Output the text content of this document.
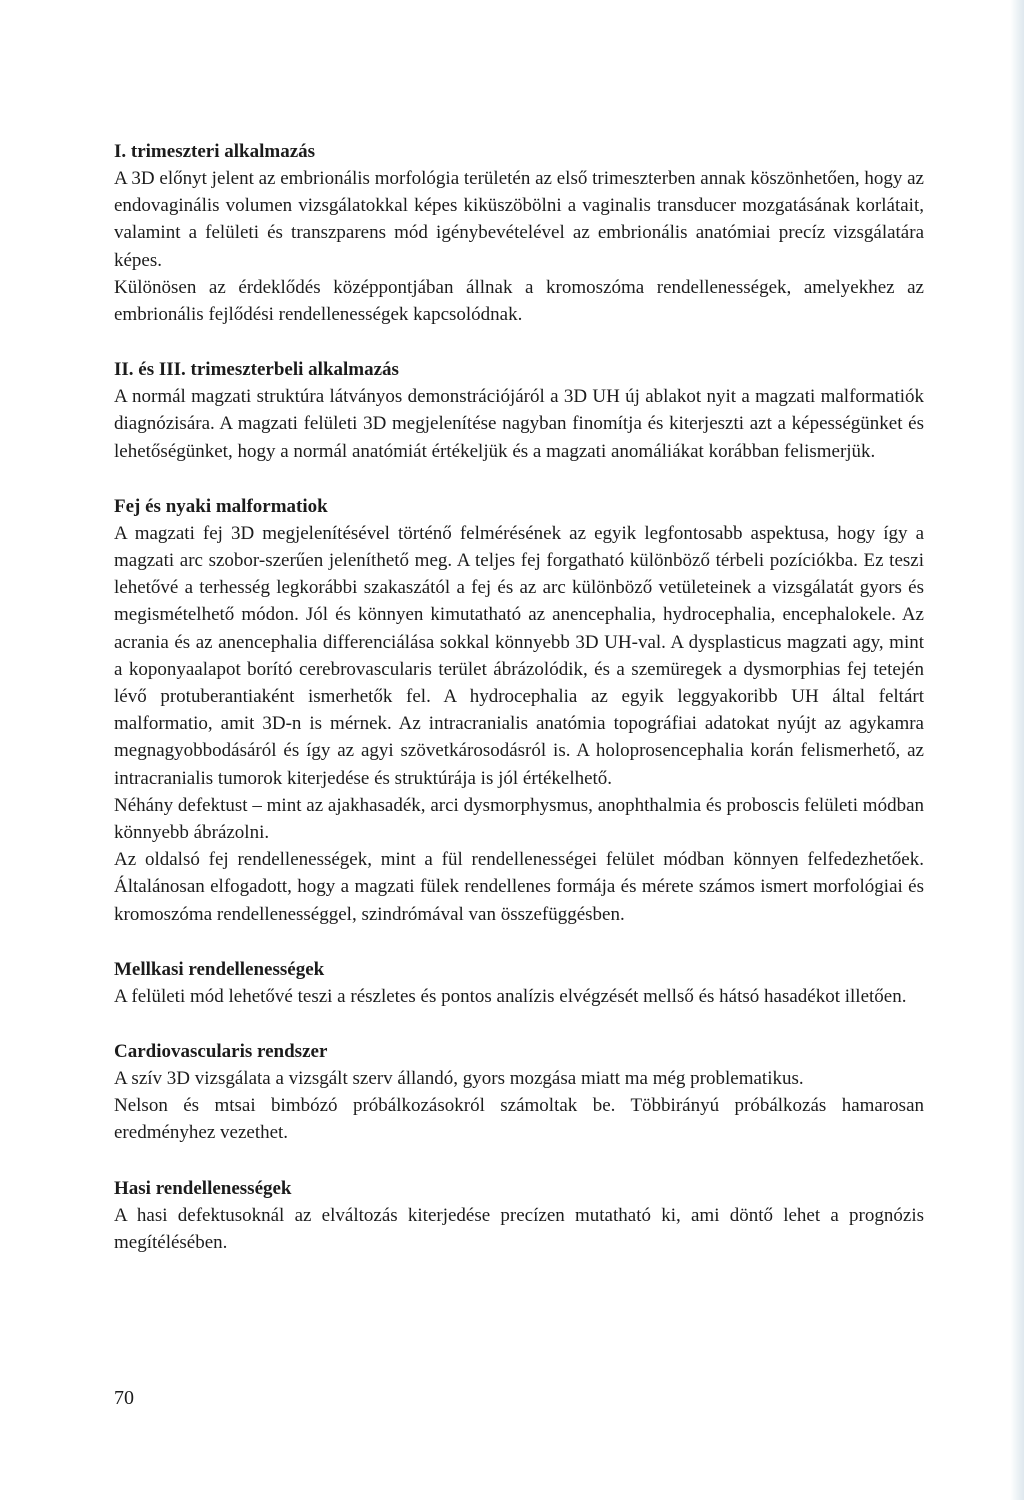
I. trimeszteri alkalmazás

A 3D előnyt jelent az embrionális morfológia területén az első trimeszterben annak köszönhetően, hogy az endovaginális volumen vizsgálatokkal képes kiküszöbölni a vaginalis transducer mozgatásának korlátait, valamint a felületi és transzparens mód igénybevételével az embrionális anatómiai precíz vizsgálatára képes.

Különösen az érdeklődés középpontjában állnak a kromoszóma rendellenességek, amelyekhez az embrionális fejlődési rendellenességek kapcsolódnak.

II. és III. trimeszterbeli alkalmazás

A normál magzati struktúra látványos demonstrációjáról a 3D UH új ablakot nyit a magzati malformatiók diagnózisára. A magzati felületi 3D megjelenítése nagyban finomítja és kiterjeszti azt a képességünket és lehetőségünket, hogy a normál anatómiát értékeljük és a magzati anomáliákat korábban felismerjük.

Fej és nyaki malformatiok

A magzati fej 3D megjelenítésével történő felmérésének az egyik legfontosabb aspektusa, hogy így a magzati arc szobor-szerűen jeleníthető meg. A teljes fej forgatható különböző térbeli pozíciókba. Ez teszi lehetővé a terhesség legkorábbi szakaszától a fej és az arc különböző vetületeinek a vizsgálatát gyors és megismételhető módon. Jól és könnyen kimutatható az anencephalia, hydrocephalia, encephalokele. Az acrania és az anencephalia differenciálása sokkal könnyebb 3D UH-val. A dysplasticus magzati agy, mint a koponyaalapot borító cerebrovascularis terület ábrázolódik, és a szemüregek a dysmorphias fej tetején lévő protuberantiaként ismerhetők fel. A hydrocephalia az egyik leggyakoribb UH által feltárt malformatio, amit 3D-n is mérnek. Az intracranialis anatómia topográfiai adatokat nyújt az agykamra megnagyobbodásáról és így az agyi szövetkárosodásról is. A holoprosencephalia korán felismerhető, az intracranialis tumorok kiterjedése és struktúrája is jól értékelhető.

Néhány defektust – mint az ajakhasadék, arci dysmorphysmus, anophthalmia és proboscis felületi módban könnyebb ábrázolni.

Az oldalsó fej rendellenességek, mint a fül rendellenességei felület módban könnyen felfedezhetőek. Általánosan elfogadott, hogy a magzati fülek rendellenes formája és mérete számos ismert morfológiai és kromoszóma rendellenességgel, szindrómával van összefüggésben.

Mellkasi rendellenességek

A felületi mód lehetővé teszi a részletes és pontos analízis elvégzését mellső és hátsó hasadékot illetően.

Cardiovascularis rendszer

A szív 3D vizsgálata a vizsgált szerv állandó, gyors mozgása miatt ma még problematikus.

Nelson és mtsai bimbózó próbálkozásokról számoltak be. Többirányú próbálkozás hamarosan eredményhez vezethet.

Hasi rendellenességek

A hasi defektusoknál az elváltozás kiterjedése precízen mutatható ki, ami döntő lehet a prognózis megítélésében.

70
